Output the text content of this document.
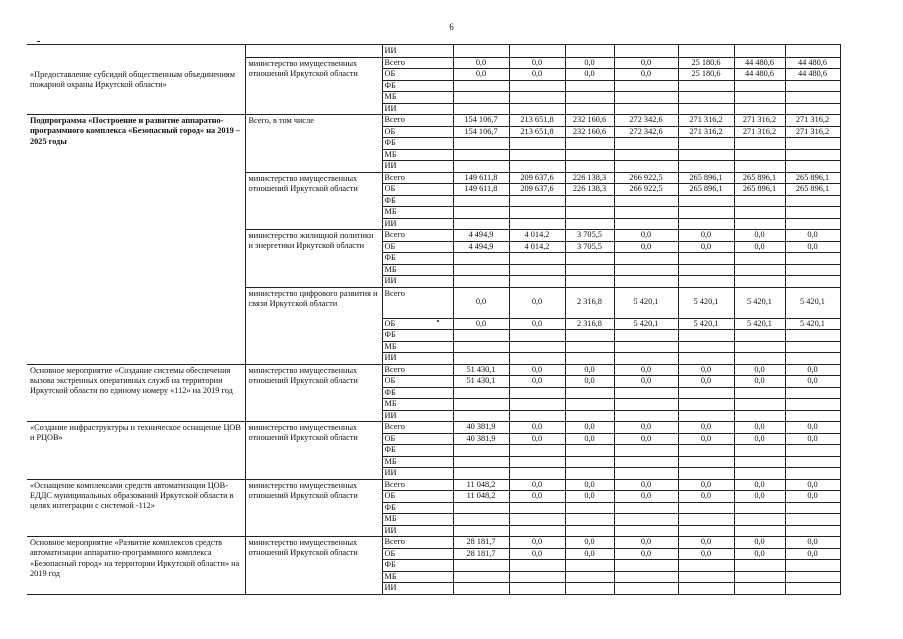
6
«Предоставление субсидий общественным объединениям пожарной охраны Иркутской области»		ИИ							
	министерство имущественных отношений Иркутской области	Всего	0,0	0,0	0,0	0,0	25 180,6	44 480,6	44 480,6
		ОБ	0,0	0,0	0,0	0,0	25 180,6	44 480,6	44 480,6
		ФБ							
		МБ							
		ИИ							
Подпрограмма «Построение и развитие аппаратно-программного комплекса «Безопасный город» на 2019 – 2025 годы	Всего, в том числе	Всего	154 106,7	213 651,8	232 160,6	272 342,6	271 316,2	271 316,2	271 316,2
		ОБ	154 106,7	213 651,8	232 160,6	272 342,6	271 316,2	271 316,2	271 316,2
		ФБ							
		МБ							
		ИИ							
	министерство имущественных отношений Иркутской области	Всего	149 611,8	209 637,6	226 138,3	266 922,5	265 896,1	265 896,1	265 896,1
		ОБ	149 611,8	209 637,6	226 138,3	266 922,5	265 896,1	265 896,1	265 896,1
		ФБ							
		МБ							
		ИИ							
	министерство жилищной политики и энергетики Иркутской области	Всего	4 494,9	4 014,2	3 705,5	0,0	0,0	0,0	0,0
		ОБ	4 494,9	4 014,2	3 705,5	0,0	0,0	0,0	0,0
		ФБ							
		МБ							
		ИИ							
	министерство цифрового развития и связи Иркутской области	Всего	0,0	0,0	2 316,8	5 420,1	5 420,1	5 420,1	5 420,1
		ОБ	0,0	0,0	2 316,8	5 420,1	5 420,1	5 420,1	5 420,1
		ФБ							
		МБ							
		ИИ							
Основное мероприятие «Создание системы обеспечения вызова экстренных оперативных служб на территории Иркутской области по единому номеру «112» на 2019 год	министерство имущественных отношений Иркутской области	Всего	51 430,1	0,0	0,0	0,0	0,0	0,0	0,0
		ОБ	51 430,1	0,0	0,0	0,0	0,0	0,0	0,0
		ФБ							
		МБ							
		ИИ							
«Создание инфраструктуры и техническое оснащение ЦОВ и РЦОВ»	министерство имущественных отношений Иркутской области	Всего	40 381,9	0,0	0,0	0,0	0,0	0,0	0,0
		ОБ	40 381,9	0,0	0,0	0,0	0,0	0,0	0,0
		ФБ							
		МБ							
		ИИ							
«Оснащение комплексами средств автоматизации ЦОВ-ЕДДС муниципальных образований Иркутской области в целях интеграции с системой -112»	министерство имущественных отношений Иркутской области	Всего	11 048,2	0,0	0,0	0,0	0,0	0,0	0,0
		ОБ	11 048,2	0,0	0,0	0,0	0,0	0,0	0,0
		ФБ							
		МБ							
		ИИ							
Основное мероприятие «Развитие комплексов средств автоматизации аппаратно-программного комплекса «Безопасный город» на территории Иркутской области» на 2019 год	министерство имущественных отношений Иркутской области	Всего	28 181,7	0,0	0,0	0,0	0,0	0,0	0,0
		ОБ	28 181,7	0,0	0,0	0,0	0,0	0,0	0,0
		ФБ							
		МБ							
		ИИ							
